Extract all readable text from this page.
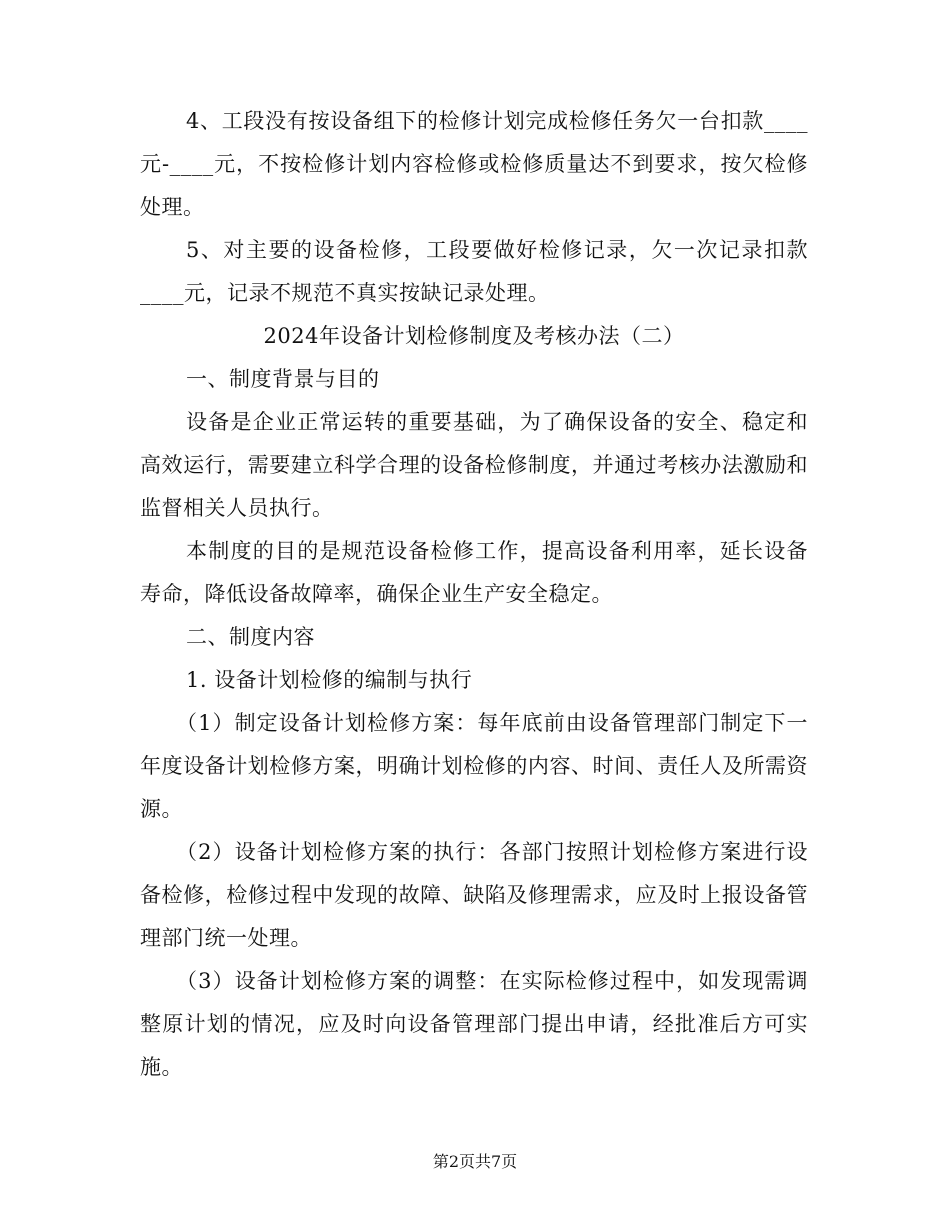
4、工段没有按设备组下的检修计划完成检修任务欠一台扣款____元-____元，不按检修计划内容检修或检修质量达不到要求，按欠检修处理。

5、对主要的设备检修，工段要做好检修记录，欠一次记录扣款____元，记录不规范不真实按缺记录处理。

2024年设备计划检修制度及考核办法（二）

一、制度背景与目的

设备是企业正常运转的重要基础，为了确保设备的安全、稳定和高效运行，需要建立科学合理的设备检修制度，并通过考核办法激励和监督相关人员执行。

本制度的目的是规范设备检修工作，提高设备利用率，延长设备寿命，降低设备故障率，确保企业生产安全稳定。

二、制度内容

1. 设备计划检修的编制与执行

（1）制定设备计划检修方案：每年底前由设备管理部门制定下一年度设备计划检修方案，明确计划检修的内容、时间、责任人及所需资源。

（2）设备计划检修方案的执行：各部门按照计划检修方案进行设备检修，检修过程中发现的故障、缺陷及修理需求，应及时上报设备管理部门统一处理。

（3）设备计划检修方案的调整：在实际检修过程中，如发现需调整原计划的情况，应及时向设备管理部门提出申请，经批准后方可实施。

第2页共7页
